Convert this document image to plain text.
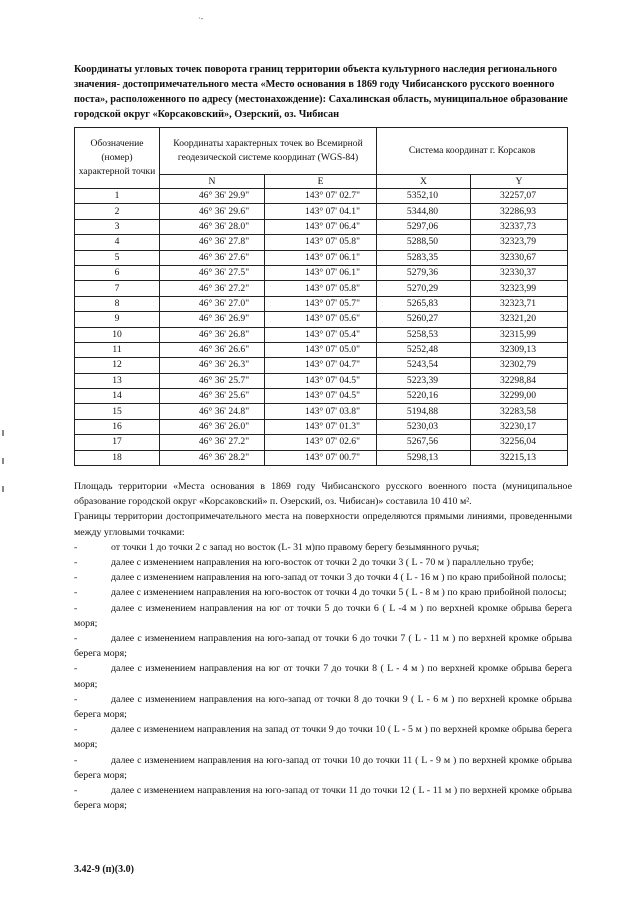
·‐

Координаты угловых точек поворота границ территории объекта культурного наследия регионального значения- достопримечательного места «Место основания в 1869 году Чибисанского русского военного поста», расположенного по адресу (местонахождение): Сахалинская область, муниципальное образование городской округ «Корсаковский», Озерский, оз. Чибисан

Обозначение (номер) характерной точки	Координаты характерных точек во Всемирной геодезической системе координат (WGS-84)		Система координат г. Корсаков	
	N	E	X	Y
1	46° 36' 29.9"	143° 07' 02.7"	5352,10	32257,07
2	46° 36' 29.6"	143° 07' 04.1"	5344,80	32286,93
3	46° 36' 28.0"	143° 07' 06.4"	5297,06	32337,73
4	46° 36' 27.8"	143° 07' 05.8"	5288,50	32323,79
5	46° 36' 27.6"	143° 07' 06.1"	5283,35	32330,67
6	46° 36' 27.5"	143° 07' 06.1"	5279,36	32330,37
7	46° 36' 27.2"	143° 07' 05.8"	5270,29	32323,99
8	46° 36' 27.0"	143° 07' 05.7"	5265,83	32323,71
9	46° 36' 26.9"	143° 07' 05.6"	5260,27	32321,20
10	46° 36' 26.8"	143° 07' 05.4"	5258,53	32315,99
11	46° 36' 26.6"	143° 07' 05.0"	5252,48	32309,13
12	46° 36' 26.3"	143° 07' 04.7"	5243,54	32302,79
13	46° 36' 25.7"	143° 07' 04.5"	5223,39	32298,84
14	46° 36' 25.6"	143° 07' 04.5"	5220,16	32299,00
15	46° 36' 24.8"	143° 07' 03.8"	5194,88	32283,58
16	46° 36' 26.0"	143° 07' 01.3"	5230,03	32230,17
17	46° 36' 27.2"	143° 07' 02.6"	5267,56	32256,04
18	46° 36' 28.2"	143° 07' 00.7"	5298,13	32215,13

Площадь территории «Места основания в 1869 году Чибисанского русского военного поста (муниципальное образование городской округ «Корсаковский» п. Озерский, оз. Чибисан)» составила 10 410 м².

Границы территории достопримечательного места на поверхности определяются прямыми линиями, проведенными между угловыми точками:

-	от точки 1 до точки 2 с запад но восток (L- 31 м)по правому берегу безымянного ручья;
-	далее с изменением направления на юго-восток от точки 2 до точки 3 ( L - 70 м ) параллельно трубе;
-	далее с изменением направления на юго-запад от точки 3 до точки 4 ( L - 16 м ) по краю прибойной полосы;
-	далее с изменением направления на юго-восток от точки 4 до точки 5 ( L - 8 м ) по краю прибойной полосы;
-	далее с изменением направления на юг от точки 5 до точки 6 ( L -4 м ) по верхней кромке обрыва берега моря;
-	далее с изменением направления на юго-запад от точки 6 до точки 7 ( L - 11 м ) по верхней кромке обрыва берега моря;
-	далее с изменением направления на юг от точки 7 до точки 8 ( L - 4 м ) по верхней кромке обрыва берега моря;
-	далее с изменением направления на юго-запад от точки 8 до точки 9 ( L - 6 м ) по верхней кромке обрыва берега моря;
-	далее с изменением направления на запад от точки 9 до точки 10 ( L - 5 м ) по верхней кромке обрыва берега моря;
-	далее с изменением направления на юго-запад от точки 10 до точки 11 ( L - 9 м ) по верхней кромке обрыва берега моря;
-	далее с изменением направления на юго-запад от точки 11 до точки 12 ( L - 11 м ) по верхней кромке обрыва берега моря;
3.42-9 (п)(3.0)
